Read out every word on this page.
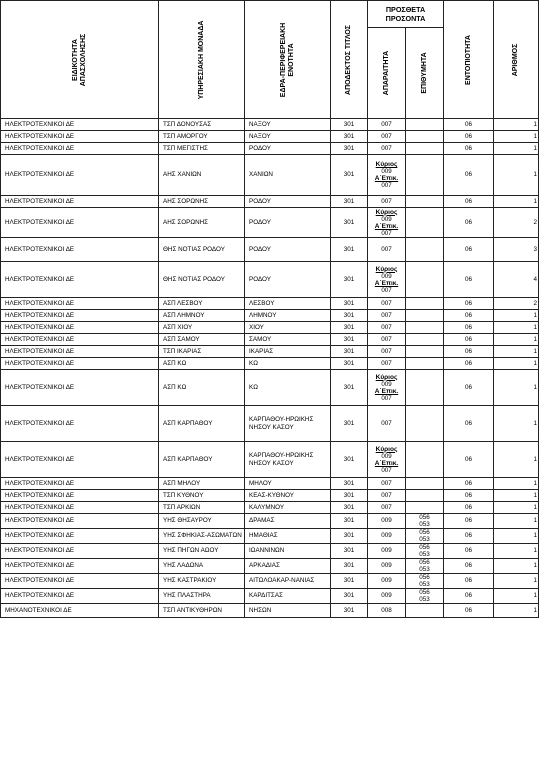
ΕΙΔΙΚΟΤΗΤΑ ΑΠΑΣΧΟΛΗΣΗΣ	ΥΠΗΡΕΣΙΑΚΗ ΜΟΝΑΔΑ	ΕΔΡΑ-ΠΕΡΙΦΕΡΕΙΑΚΗ ΕΝΟΤΗΤΑ	ΑΠΟΔΕΚΤΟΣ ΤΙΤΛΟΣ	ΠΡΟΣΘΕΤΑ ΠΡΟΣΟΝΤΑ		ΕΝΤΟΠΙΟΤΗΤΑ	ΑΡΙΘΜΟΣ

				ΑΠΑΡΑΙΤΗΤΑ	ΕΠΙΘΥΜΗΤΑ		

ΗΛΕΚΤΡΟΤΕΧΝΙΚΟΙ ΔΕ	ΤΣΠ ΔΟΝΟΥΣΑΣ	ΝΑΞΟΥ	301	007		06	1
ΗΛΕΚΤΡΟΤΕΧΝΙΚΟΙ ΔΕ	ΤΣΠ ΑΜΟΡΓΟΥ	ΝΑΞΟΥ	301	007		06	1
ΗΛΕΚΤΡΟΤΕΧΝΙΚΟΙ ΔΕ	ΤΣΠ ΜΕΓΙΣΤΗΣ	ΡΟΔΟΥ	301	007		06	1
ΗΛΕΚΤΡΟΤΕΧΝΙΚΟΙ ΔΕ	ΑΗΣ ΧΑΝΙΩΝ	ΧΑΝΙΩΝ	301	Κύριος
009
Α΄Επικ.
007		06	1
ΗΛΕΚΤΡΟΤΕΧΝΙΚΟΙ ΔΕ	ΑΗΣ ΣΟΡΩΝΗΣ	ΡΟΔΟΥ	301	007		06	1
ΗΛΕΚΤΡΟΤΕΧΝΙΚΟΙ ΔΕ	ΑΗΣ ΣΟΡΩΝΗΣ	ΡΟΔΟΥ	301	Κύριος
009
Α΄Επικ.
007		06	2
ΗΛΕΚΤΡΟΤΕΧΝΙΚΟΙ ΔΕ	ΘΗΣ ΝΟΤΙΑΣ ΡΟΔΟΥ	ΡΟΔΟΥ	301	007		06	3
ΗΛΕΚΤΡΟΤΕΧΝΙΚΟΙ ΔΕ	ΘΗΣ ΝΟΤΙΑΣ ΡΟΔΟΥ	ΡΟΔΟΥ	301	Κύριος
009
Α΄Επικ.
007		06	4
ΗΛΕΚΤΡΟΤΕΧΝΙΚΟΙ ΔΕ	ΑΣΠ ΛΕΣΒΟΥ	ΛΕΣΒΟΥ	301	007		06	2
ΗΛΕΚΤΡΟΤΕΧΝΙΚΟΙ ΔΕ	ΑΣΠ ΛΗΜΝΟΥ	ΛΗΜΝΟΥ	301	007		06	1
ΗΛΕΚΤΡΟΤΕΧΝΙΚΟΙ ΔΕ	ΑΣΠ ΧΙΟΥ	ΧΙΟΥ	301	007		06	1
ΗΛΕΚΤΡΟΤΕΧΝΙΚΟΙ ΔΕ	ΑΣΠ ΣΑΜΟΥ	ΣΑΜΟΥ	301	007		06	1
ΗΛΕΚΤΡΟΤΕΧΝΙΚΟΙ ΔΕ	ΤΣΠ ΙΚΑΡΙΑΣ	ΙΚΑΡΙΑΣ	301	007		06	1
ΗΛΕΚΤΡΟΤΕΧΝΙΚΟΙ ΔΕ	ΑΣΠ ΚΩ	ΚΩ	301	007		06	1
ΗΛΕΚΤΡΟΤΕΧΝΙΚΟΙ ΔΕ	ΑΣΠ ΚΩ	ΚΩ	301	Κύριος
009
Α΄Επικ.
007		06	1
ΗΛΕΚΤΡΟΤΕΧΝΙΚΟΙ ΔΕ	ΑΣΠ ΚΑΡΠΑΘΟΥ	ΚΑΡΠΑΘΟΥ-ΗΡΩΙΚΗΣ ΝΗΣΟΥ ΚΑΣΟΥ	301	007		06	1
ΗΛΕΚΤΡΟΤΕΧΝΙΚΟΙ ΔΕ	ΑΣΠ ΚΑΡΠΑΘΟΥ	ΚΑΡΠΑΘΟΥ-ΗΡΩΙΚΗΣ ΝΗΣΟΥ ΚΑΣΟΥ	301	Κύριος
009
Α΄Επικ.
007		06	1
ΗΛΕΚΤΡΟΤΕΧΝΙΚΟΙ ΔΕ	ΑΣΠ ΜΗΛΟΥ	ΜΗΛΟΥ	301	007		06	1
ΗΛΕΚΤΡΟΤΕΧΝΙΚΟΙ ΔΕ	ΤΣΠ ΚΥΘΝΟΥ	ΚΕΑΣ-ΚΥΘΝΟΥ	301	007		06	1
ΗΛΕΚΤΡΟΤΕΧΝΙΚΟΙ ΔΕ	ΤΣΠ ΑΡΚΙΩΝ	ΚΑΛΥΜΝΟΥ	301	007		06	1
ΗΛΕΚΤΡΟΤΕΧΝΙΚΟΙ ΔΕ	ΥΗΣ ΘΗΣΑΥΡΟΥ	ΔΡΑΜΑΣ	301	009	056
053	06	1
ΗΛΕΚΤΡΟΤΕΧΝΙΚΟΙ ΔΕ	ΥΗΣ ΣΦΗΚΙΑΣ-ΑΣΩΜΑΤΩΝ	ΗΜΑΘΙΑΣ	301	009	056
053	06	1
ΗΛΕΚΤΡΟΤΕΧΝΙΚΟΙ ΔΕ	ΥΗΣ ΠΗΓΩΝ ΑΩΟΥ	ΙΩΑΝΝΙΝΩΝ	301	009	056
053	06	1
ΗΛΕΚΤΡΟΤΕΧΝΙΚΟΙ ΔΕ	ΥΗΣ ΛΑΔΩΝΑ	ΑΡΚΑΔΙΑΣ	301	009	056
053	06	1
ΗΛΕΚΤΡΟΤΕΧΝΙΚΟΙ ΔΕ	ΥΗΣ ΚΑΣΤΡΑΚΙΟΥ	ΑΙΤΩΛΟΑΚΑΡ-ΝΑΝΙΑΣ	301	009	056
053	06	1
ΗΛΕΚΤΡΟΤΕΧΝΙΚΟΙ ΔΕ	ΥΗΣ ΠΛΑΣΤΗΡΑ	ΚΑΡΔΙΤΣΑΣ	301	009	056
053	06	1
ΜΗΧΑΝΟΤΕΧΝΙΚΟΙ ΔΕ	ΤΣΠ ΑΝΤΙΚΥΘΗΡΩΝ	ΝΗΣΩΝ	301	008		06	1
